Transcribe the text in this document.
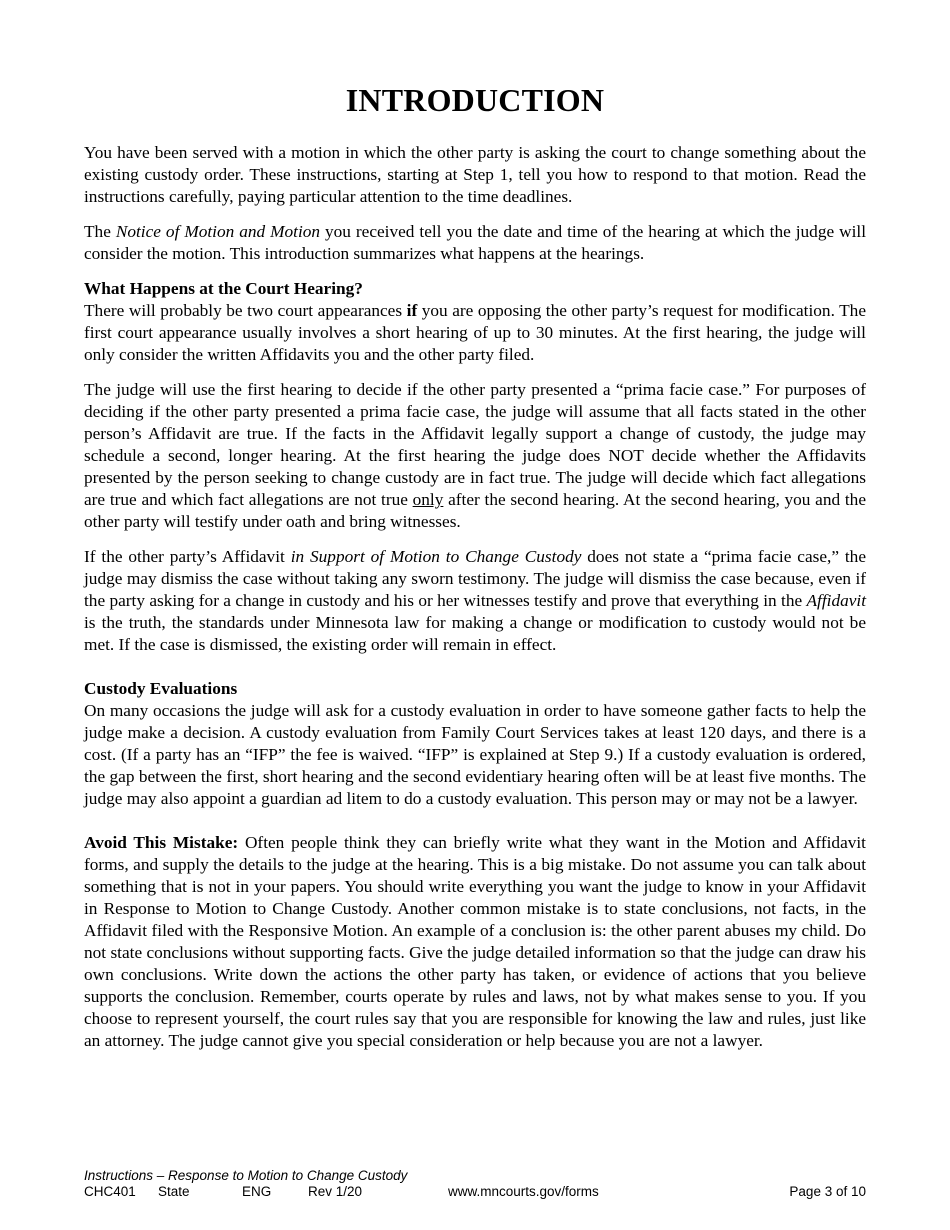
INTRODUCTION

You have been served with a motion in which the other party is asking the court to change something about the existing custody order. These instructions, starting at Step 1, tell you how to respond to that motion. Read the instructions carefully, paying particular attention to the time deadlines.

The Notice of Motion and Motion you received tell you the date and time of the hearing at which the judge will consider the motion. This introduction summarizes what happens at the hearings.

What Happens at the Court Hearing?

There will probably be two court appearances if you are opposing the other party’s request for modification. The first court appearance usually involves a short hearing of up to 30 minutes. At the first hearing, the judge will only consider the written Affidavits you and the other party filed.

The judge will use the first hearing to decide if the other party presented a “prima facie case.” For purposes of deciding if the other party presented a prima facie case, the judge will assume that all facts stated in the other person’s Affidavit are true. If the facts in the Affidavit legally support a change of custody, the judge may schedule a second, longer hearing. At the first hearing the judge does NOT decide whether the Affidavits presented by the person seeking to change custody are in fact true. The judge will decide which fact allegations are true and which fact allegations are not true only after the second hearing. At the second hearing, you and the other party will testify under oath and bring witnesses.

If the other party’s Affidavit in Support of Motion to Change Custody does not state a “prima facie case,” the judge may dismiss the case without taking any sworn testimony. The judge will dismiss the case because, even if the party asking for a change in custody and his or her witnesses testify and prove that everything in the Affidavit is the truth, the standards under Minnesota law for making a change or modification to custody would not be met. If the case is dismissed, the existing order will remain in effect.

Custody Evaluations

On many occasions the judge will ask for a custody evaluation in order to have someone gather facts to help the judge make a decision. A custody evaluation from Family Court Services takes at least 120 days, and there is a cost. (If a party has an “IFP” the fee is waived. “IFP” is explained at Step 9.) If a custody evaluation is ordered, the gap between the first, short hearing and the second evidentiary hearing often will be at least five months. The judge may also appoint a guardian ad litem to do a custody evaluation. This person may or may not be a lawyer.

Avoid This Mistake: Often people think they can briefly write what they want in the Motion and Affidavit forms, and supply the details to the judge at the hearing. This is a big mistake. Do not assume you can talk about something that is not in your papers. You should write everything you want the judge to know in your Affidavit in Response to Motion to Change Custody. Another common mistake is to state conclusions, not facts, in the Affidavit filed with the Responsive Motion. An example of a conclusion is: the other parent abuses my child. Do not state conclusions without supporting facts. Give the judge detailed information so that the judge can draw his own conclusions. Write down the actions the other party has taken, or evidence of actions that you believe supports the conclusion. Remember, courts operate by rules and laws, not by what makes sense to you. If you choose to represent yourself, the court rules say that you are responsible for knowing the law and rules, just like an attorney. The judge cannot give you special consideration or help because you are not a lawyer.

Instructions – Response to Motion to Change Custody
CHC401 State	ENG	Rev 1/20	www.mncourts.gov/forms	Page 3 of 10
